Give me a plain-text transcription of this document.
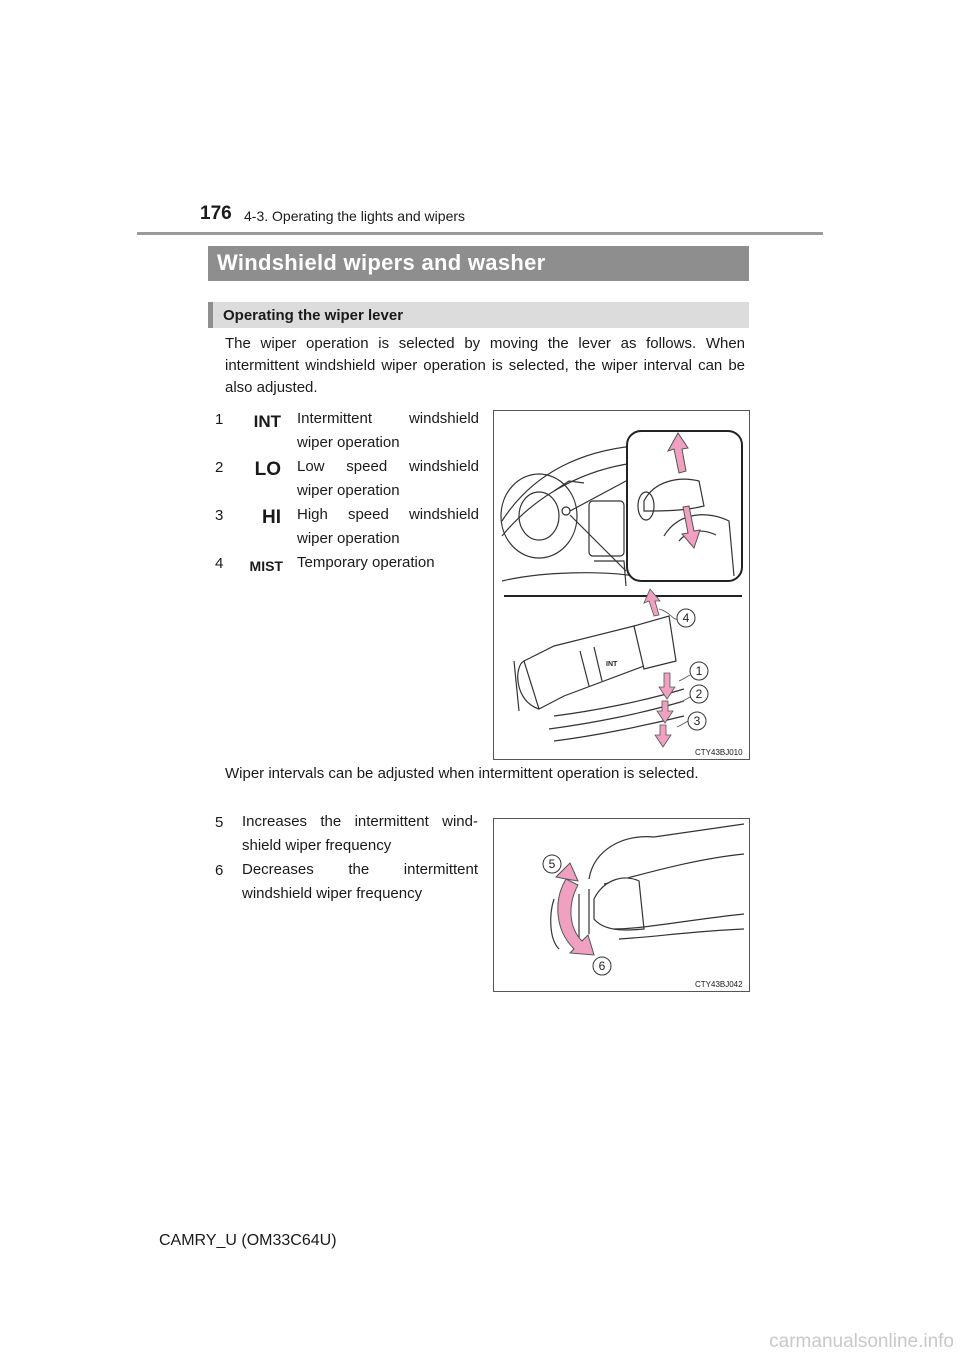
176 4-3. Operating the lights and wipers
Windshield wipers and washer
Operating the wiper lever
The wiper operation is selected by moving the lever as follows. When intermittent windshield wiper operation is selected, the wiper interval can be also adjusted.
1	INT Intermittent windshield wiper operation
2	LO Low speed windshield wiper operation
3	HI High speed windshield wiper operation
4	MIST Temporary operation
INT
4
1
2
3
CTY43BJ010
Wiper intervals can be adjusted when intermittent operation is selected.
5 Increases the intermittent wind-
shield wiper frequency
6 Decreases the intermittent
windshield wiper frequency
5
6
CTY43BJ042
CAMRY_U (OM33C64U)
carmanualsonline.info
